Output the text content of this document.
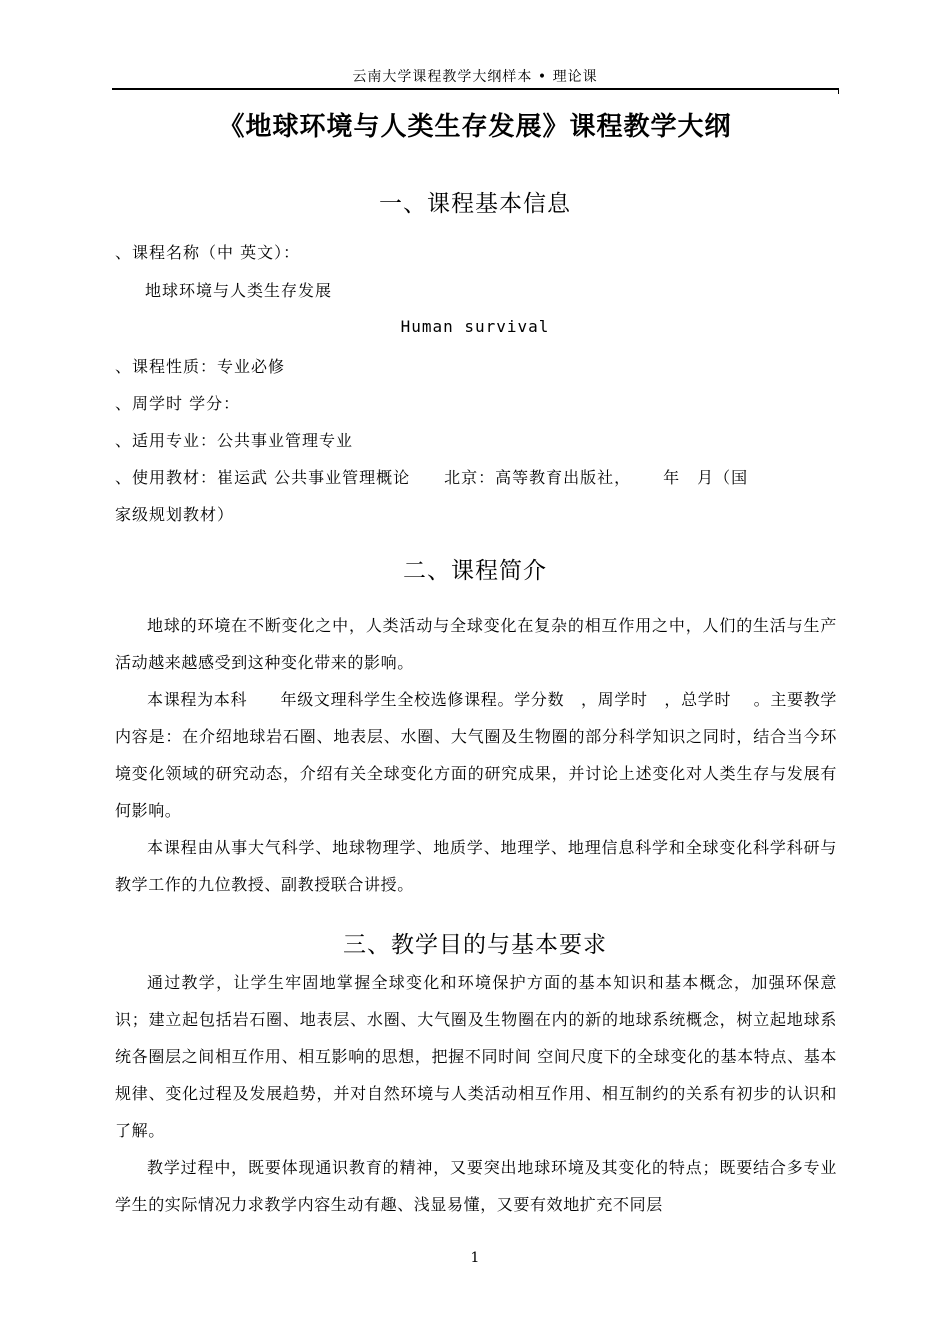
云南大学课程教学大纲样本 • 理论课
《地球环境与人类生存发展》课程教学大纲
一、课程基本信息
、课程名称（中 英文）：
地球环境与人类生存发展
Human survival
、课程性质：专业必修
、周学时 学分：
、适用专业：公共事业管理专业
、使用教材：崔运武 公共事业管理概论　　北京：高等教育出版社，　　 年　月（国
家级规划教材）
二、课程简介
地球的环境在不断变化之中，人类活动与全球变化在复杂的相互作用之中，人们的生活与生产活动越来越感受到这种变化带来的影响。
本课程为本科　　年级文理科学生全校选修课程。学分数　，周学时　，总学时　 。主要教学内容是：在介绍地球岩石圈、地表层、水圈、大气圈及生物圈的部分科学知识之同时，结合当今环境变化领域的研究动态，介绍有关全球变化方面的研究成果，并讨论上述变化对人类生存与发展有何影响。
本课程由从事大气科学、地球物理学、地质学、地理学、地理信息科学和全球变化科学科研与教学工作的九位教授、副教授联合讲授。
三、教学目的与基本要求
通过教学，让学生牢固地掌握全球变化和环境保护方面的基本知识和基本概念，加强环保意识；建立起包括岩石圈、地表层、水圈、大气圈及生物圈在内的新的地球系统概念，树立起地球系统各圈层之间相互作用、相互影响的思想，把握不同时间 空间尺度下的全球变化的基本特点、基本规律、变化过程及发展趋势，并对自然环境与人类活动相互作用、相互制约的关系有初步的认识和了解。
教学过程中，既要体现通识教育的精神，又要突出地球环境及其变化的特点；既要结合多专业学生的实际情况力求教学内容生动有趣、浅显易懂，又要有效地扩充不同层
1
